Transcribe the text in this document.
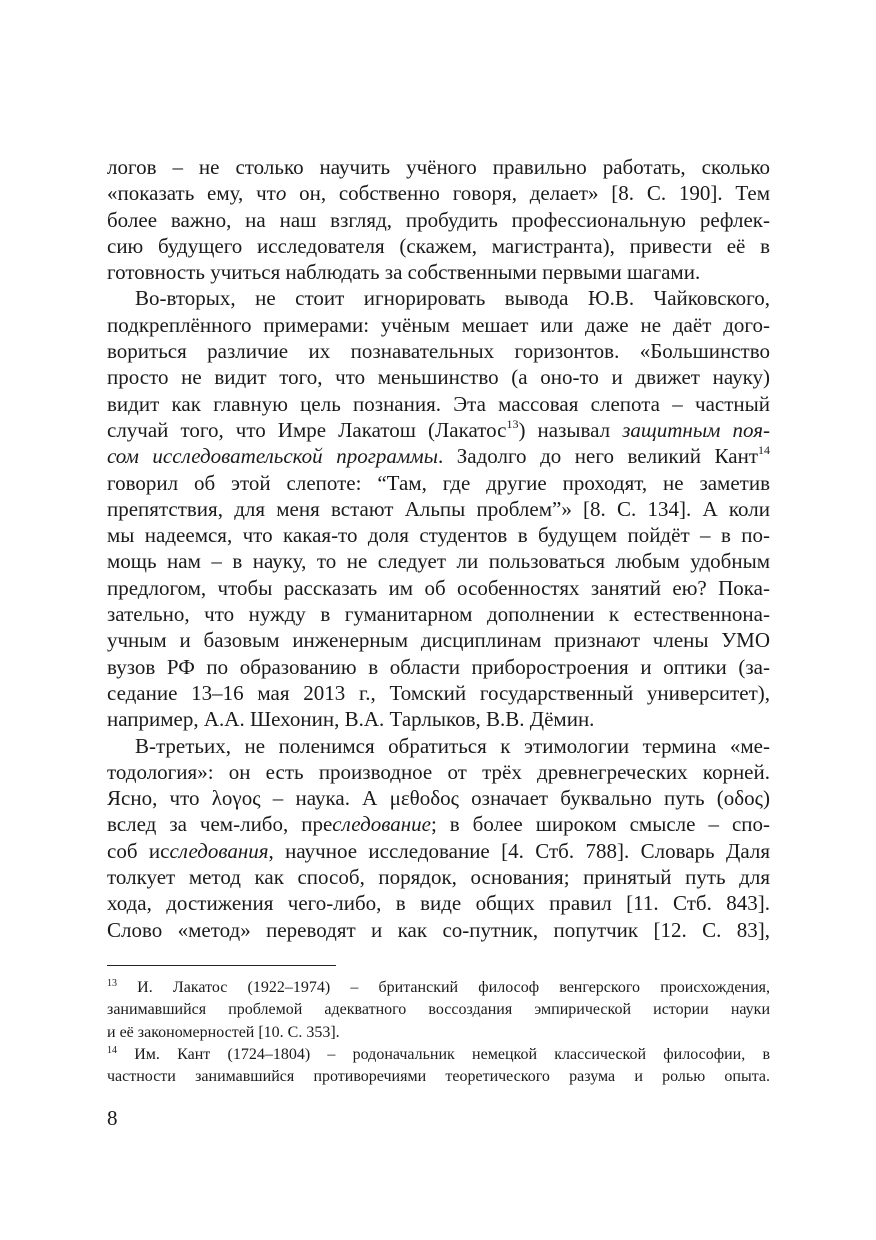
логов – не столько научить учёного правильно работать, сколько
«показать ему, что он, собственно говоря, делает» [8. С. 190]. Тем
более важно, на наш взгляд, пробудить профессиональную рефлек-
сию будущего исследователя (скажем, магистранта), привести её в
готовность учиться наблюдать за собственными первыми шагами.
Во-вторых, не стоит игнорировать вывода Ю.В. Чайковского,
подкреплённого примерами: учёным мешает или даже не даёт дого-
вориться различие их познавательных горизонтов. «Большинство
просто не видит того, что меньшинство (а оно-то и движет науку)
видит как главную цель познания. Эта массовая слепота – частный
случай того, что Имре Лакатош (Лакатос$^{13}$) называл защитным поя-
сом исследовательской программы. Задолго до него великий Кант$^{14}$
говорил об этой слепоте: “Там, где другие проходят, не заметив
препятствия, для меня встают Альпы проблем”» [8. С. 134]. А коли
мы надеемся, что какая-то доля студентов в будущем пойдёт – в по-
мощь нам – в науку, то не следует ли пользоваться любым удобным
предлогом, чтобы рассказать им об особенностях занятий ею? Пока-
зательно, что нужду в гуманитарном дополнении к естественнона-
учным и базовым инженерным дисциплинам признают члены УМО
вузов РФ по образованию в области приборостроения и оптики (за-
седание 13–16 мая 2013 г., Томский государственный университет),
например, А.А. Шехонин, В.А. Тарлыков, В.В. Дёмин.
В-третьих, не поленимся обратиться к этимологии термина «ме-
тодология»: он есть производное от трёх древнегреческих корней.
Ясно, что λογος – наука. А μεθοδος означает буквально путь (οδος)
вслед за чем-либо, преследование; в более широком смысле – спо-
соб исследования, научное исследование [4. Стб. 788]. Словарь Даля
толкует метод как способ, порядок, основания; принятый путь для
хода, достижения чего-либо, в виде общих правил [11. Стб. 843].
Слово «метод» переводят и как со-путник, попутчик [12. С. 83],
$^{13}$ И. Лакатос (1922–1974) – британский философ венгерского происхождения,
занимавшийся проблемой адекватного воссоздания эмпирической истории науки
и её закономерностей [10. С. 353].
$^{14}$ Им. Кант (1724–1804) – родоначальник немецкой классической философии, в
частности занимавшийся противоречиями теоретического разума и ролью опыта.
8
